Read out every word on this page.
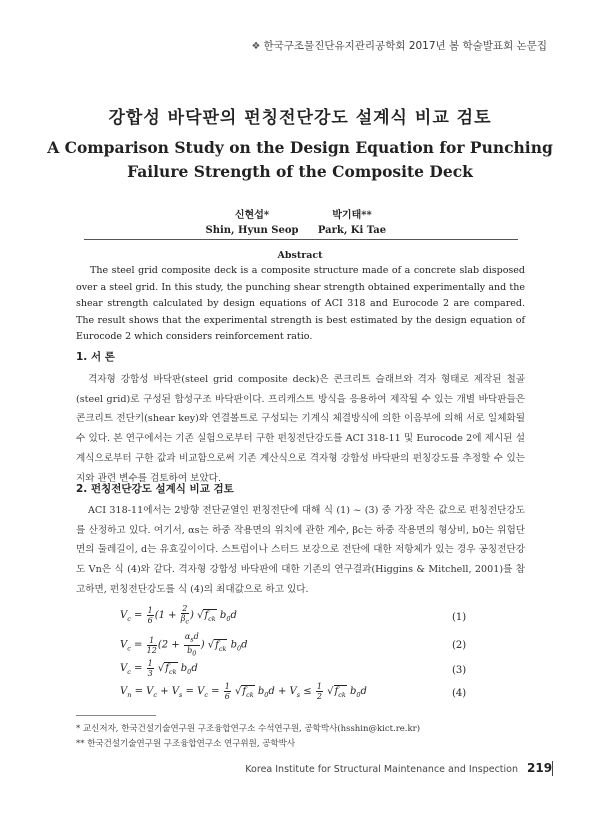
❖ 한국구조물진단유지관리공학회 2017년 봄 학술발표회 논문집
강합성 바닥판의 펀칭전단강도 설계식 비교 검토
A Comparison Study on the Design Equation for Punching
Failure Strength of the Composite Deck
신현섭*
Shin, Hyun Seop
박기태**
Park, Ki Tae
Abstract
The steel grid composite deck is a composite structure made of a concrete slab disposed over a steel grid. In this study, the punching shear strength obtained experimentally and the shear strength calculated by design equations of ACI 318 and Eurocode 2 are compared. The result shows that the experimental strength is best estimated by the design equation of Eurocode 2 which considers reinforcement ratio.
1. 서 론
격자형 강합성 바닥판(steel grid composite deck)은 콘크리트 슬래브와 격자 형태로 제작된 철골(steel grid)로 구성된 합성구조 바닥판이다. 프리캐스트 방식을 응용하여 제작될 수 있는 개별 바닥판들은 콘크리트 전단키(shear key)와 연결볼트로 구성되는 기계식 체결방식에 의한 이음부에 의해 서로 일체화될 수 있다. 본 연구에서는 기존 실험으로부터 구한 펀칭전단강도를 ACI 318-11 및 Eurocode 2에 제시된 설계식으로부터 구한 값과 비교함으로써 기존 계산식으로 격자형 강합성 바닥판의 펀칭강도를 추정할 수 있는지와 관련 변수를 검토하여 보았다.
2. 펀칭전단강도 설계식 비교 검토
ACI 318-11에서는 2방향 전단균열인 펀칭전단에 대해 식 (1) ~ (3) 중 가장 작은 값으로 펀칭전단강도를 산정하고 있다. 여기서, αs는 하중 작용면의 위치에 관한 계수, βc는 하중 작용면의 형상비, b0는 위험단면의 둘레길이, d는 유효깊이이다. 스트럽이나 스터드 보강으로 전단에 대한 저항체가 있는 경우 공칭전단강도 Vn은 식 (4)와 같다. 격자형 강합성 바닥판에 대한 기존의 연구결과(Higgins & Mitchell, 2001)를 참고하면, 펀칭전단강도를 식 (4)의 최대값으로 하고 있다.
$V_c = \frac{1}{6} (1 + \frac{2}{\beta_c}$ ) $√f_{ck}$ $b_0d$	(1)
$V_c = \frac{1}{12} (2 + \frac{\alpha_sd}{b_0}$ ) $√f_{ck}$ $b_0d$	(2)
$V_c = \frac{1}{3} √f_{ck}$ $b_0d$	(3)
$V_n = V_c + V_s = V_c = \frac{1}{6} √f_{ck}$ $b_0d + V_s \le \frac{1}{2} √f_{ck}$ $b_0d$	(4)
* 교신저자, 한국건설기술연구원 구조융합연구소 수석연구원, 공학박사(hsshin@kict.re.kr)
** 한국건설기술연구원 구조융합연구소 연구위원, 공학박사
Korea Institute for Structural Maintenance and Inspection 219
